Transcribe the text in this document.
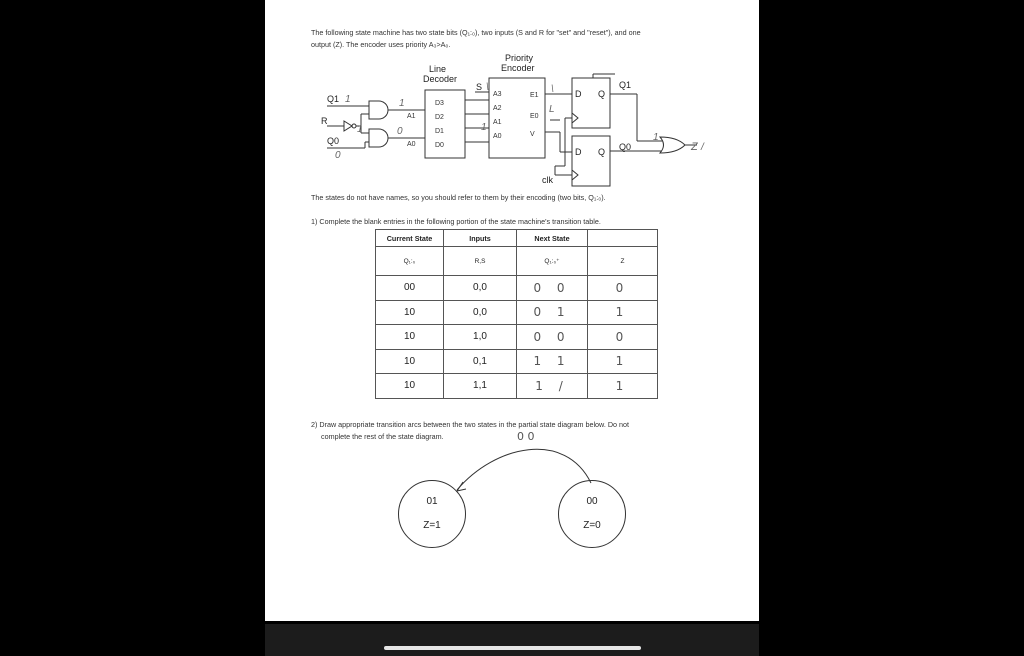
The following state machine has two state bits (Q₁:₀), two inputs (S and R for "set" and "reset"), and one
output (Z). The encoder uses priority A₃>A₀.
Line
Decoder
Priority
Encoder
Q1
R
Q0
S
clk
D Q
D Q
Q1
Q0
A1
A0
D3
D2
D1
D0
A3
A2
A1
A0
E1
E0
V
1
1
0
1
0
\	\
L
1
1
Z /
The states do not have names, so you should refer to them by their encoding (two bits, Q₁:₀).
1) Complete the blank entries in the following portion of the state machine's transition table.
Current State	Inputs	Next State	
Q₁:₀	R,S	Q₁:₀⁺	Z
00	0,0	0 0	0
10	0,0	0 1	1
10	1,0	0 0	0
10	0,1	1 1	1
10	1,1	1 /	1
2) Draw appropriate transition arcs between the two states in the partial state diagram below. Do not
complete the rest of the state diagram.	0 0
01
Z=1
00
Z=0
